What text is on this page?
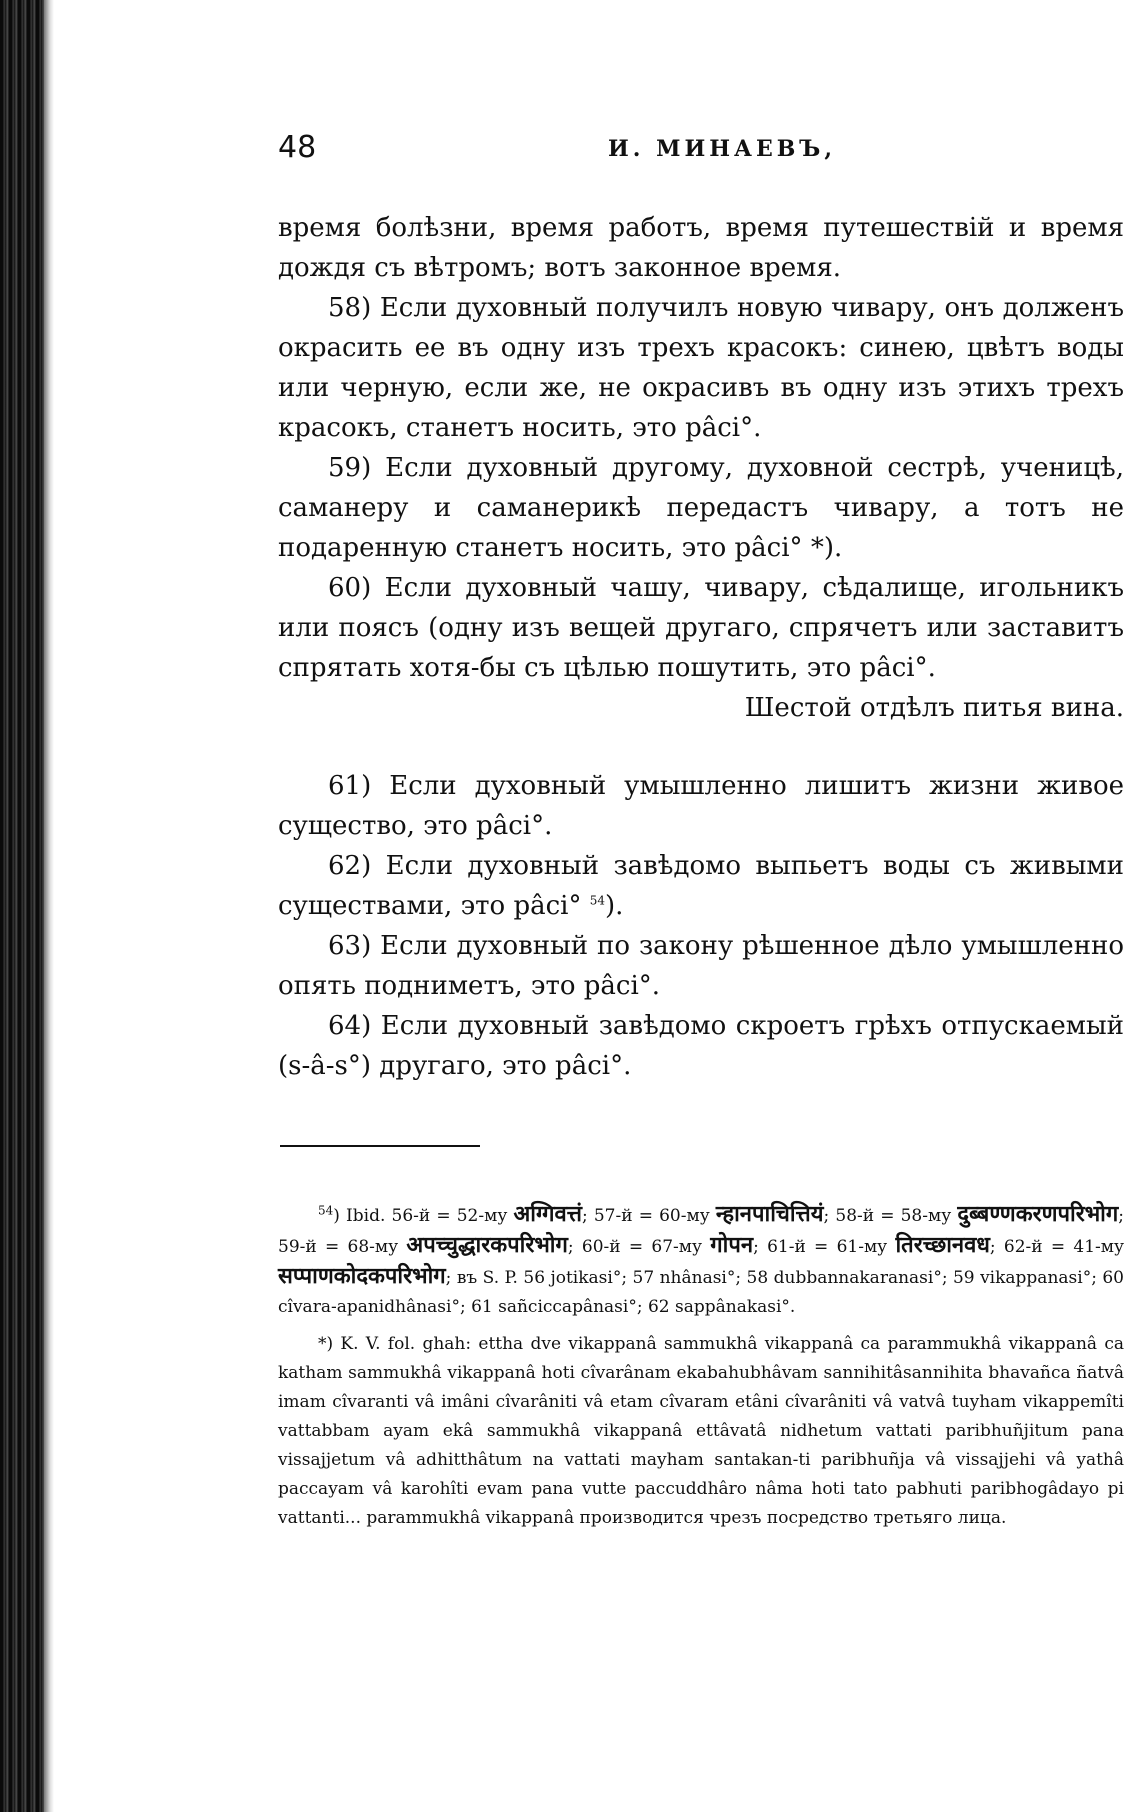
48	И. МИНАЕВЪ,

время болѣзни, время работъ, время путешествій и время дождя съ вѣтромъ; вотъ законное время.

58) Если духовный получилъ новую чивару, онъ долженъ окрасить ее въ одну изъ трехъ красокъ: синею, цвѣтъ воды или черную, если же, не окрасивъ въ одну изъ этихъ трехъ красокъ, станетъ носить, это pâci°.

59) Если духовный другому, духовной сестрѣ, ученицѣ, саманеру и саманерикѣ передастъ чивару, а тотъ не подаренную станетъ носить, это pâci° *).

60) Если духовный чашу, чивару, сѣдалище, игольникъ или поясъ (одну изъ вещей другаго, спрячетъ или заставитъ спрятать хотя-бы съ цѣлью пошутить, это pâci°.

Шестой отдѣлъ питья вина.

61) Если духовный умышленно лишитъ жизни живое существо, это pâci°.

62) Если духовный завѣдомо выпьетъ воды съ живыми существами, это pâci° $^{54}$).

63) Если духовный по закону рѣшенное дѣло умышленно опять подниметъ, это pâci°.

64) Если духовный завѣдомо скроетъ грѣхъ отпускаемый (s-â-s°) другаго, это pâci°.

$^{54}$) Ibid. 56-й = 52-му अग्गिवत्तं; 57-й = 60-му न्हानपाचित्तियं; 58-й = 58-му दुब्बण्णकरणपरिभोग; 59-й = 68-му अपच्चुद्धारकपरिभोग; 60-й = 67-му गोपन; 61-й = 61-му तिरच्छानवध; 62-й = 41-му सप्पाणकोदकपरिभोग; въ S. P. 56 jotikasi°; 57 nhânasi°; 58 dubbannakaranasi°; 59 vikappanasi°; 60 cîvara-apanidhânasi°; 61 sañciccapânasi°; 62 sappânakasi°.

*) K. V. fol. ghah: ettha dve vikappanâ sammukhâ vikappanâ ca parammukhâ vikappanâ ca katham sammukhâ vikappanâ hoti cîvarânam ekabahubhâvam sannihitâsannihita bhavañca ñatvâ imam cîvaranti vâ imâni cîvarâniti vâ etam cîvaram etâni cîvarâniti vâ vatvâ tuyham vikappemîti vattabbam ayam ekâ sammukhâ vikappanâ ettâvatâ nidhetum vattati paribhuñjitum pana vissajjetum vâ adhitthâtum na vattati mayham santakan-ti paribhuñja vâ vissajjehi vâ yathâ paccayam vâ karohîti evam pana vutte paccuddhâro nâma hoti tato pabhuti paribhogâdayo pi vattanti... parammukhâ vikappanâ производится чрезъ посредство третьяго лица.
